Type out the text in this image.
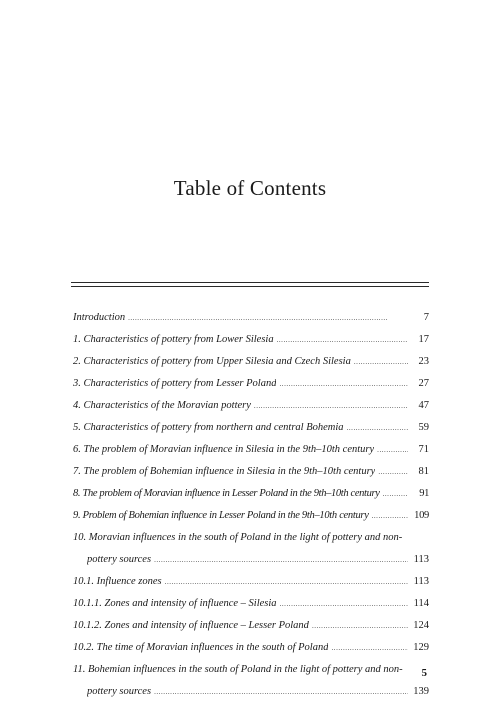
Table of Contents
Introduction . . .	7
1. Characteristics of pottery from Lower Silesia . . .	17
2. Characteristics of pottery from Upper Silesia and Czech Silesia . . .	23
3. Characteristics of pottery from Lesser Poland . . .	27
4. Characteristics of the Moravian pottery . . .	47
5. Characteristics of pottery from northern and central Bohemia . . .	59
6. The problem of Moravian influence in Silesia in the 9th–10th century . . .	71
7. The problem of Bohemian influence in Silesia in the 9th–10th century . . .	81
8. The problem of Moravian influence in Lesser Poland in the 9th–10th century . . .	91
9. Problem of Bohemian influence in Lesser Poland in the 9th–10th century . . .	109
10. Moravian influences in the south of Poland in the light of pottery and non-
pottery sources . . .	113
10.1. Influence zones . . .	113
10.1.1. Zones and intensity of influence – Silesia . . .	114
10.1.2. Zones and intensity of influence – Lesser Poland . . .	124
10.2. The time of Moravian influences in the south of Poland . . .	129
11. Bohemian influences in the south of Poland in the light of pottery and non-
pottery sources . . .	139
5
